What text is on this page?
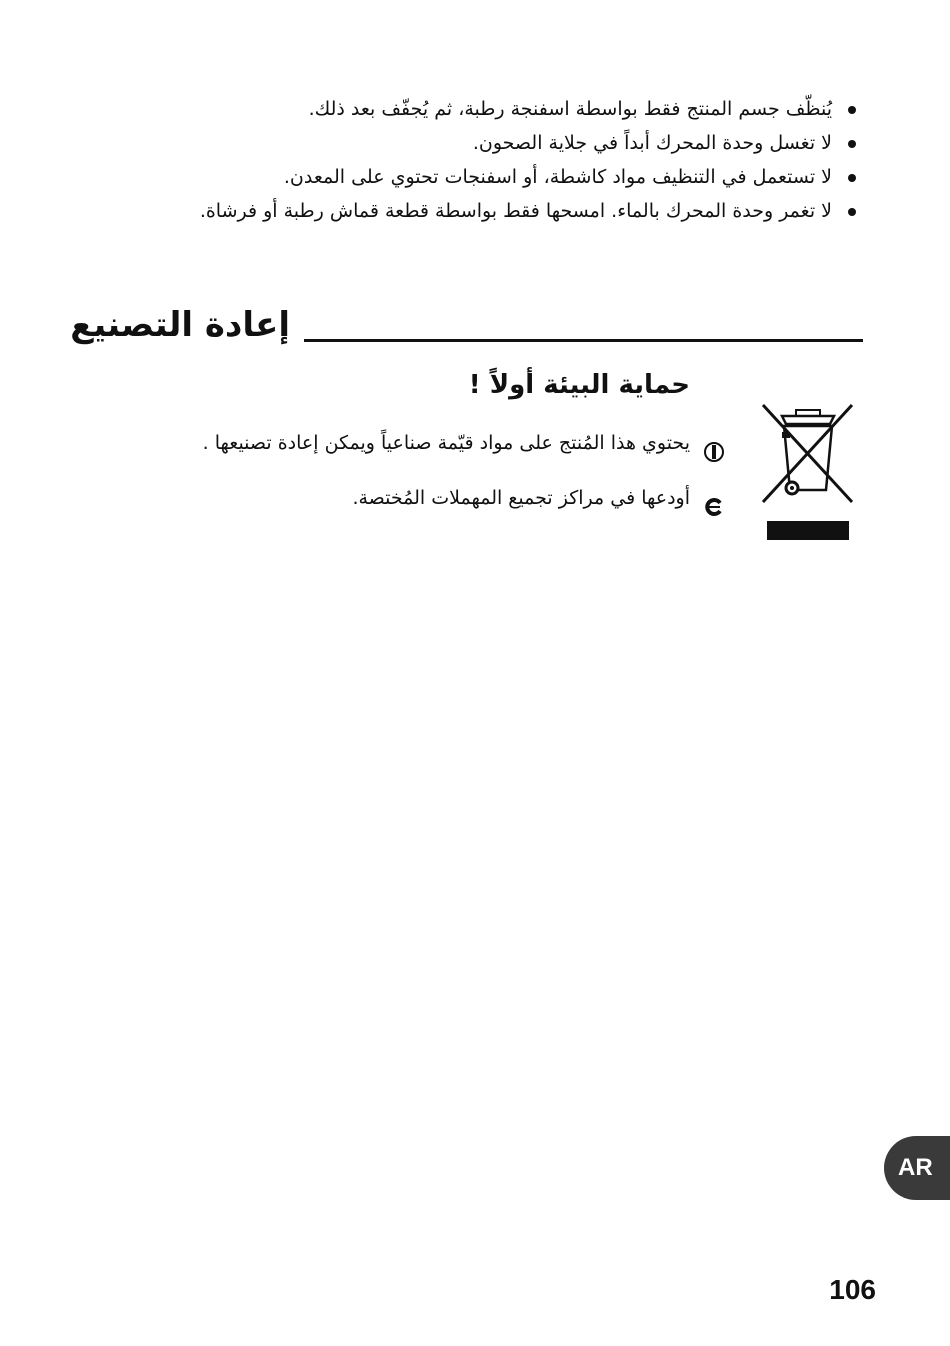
يُنظّف جسم المنتج فقط بواسطة اسفنجة رطبة، ثم يُجفّف بعد ذلك.
لا تغسل وحدة المحرك أبداً في جلاية الصحون.
لا تستعمل في التنظيف مواد كاشطة، أو اسفنجات تحتوي على المعدن.
لا تغمر وحدة المحرك بالماء. امسحها فقط بواسطة قطعة قماش رطبة أو فرشاة.
إعادة التصنيع
حماية البيئة أولاً !
يحتوي هذا المُنتج على مواد قيّمة صناعياً ويمكن إعادة تصنيعها .
أودعها في مراكز تجميع المهملات المُختصة.
AR
106
